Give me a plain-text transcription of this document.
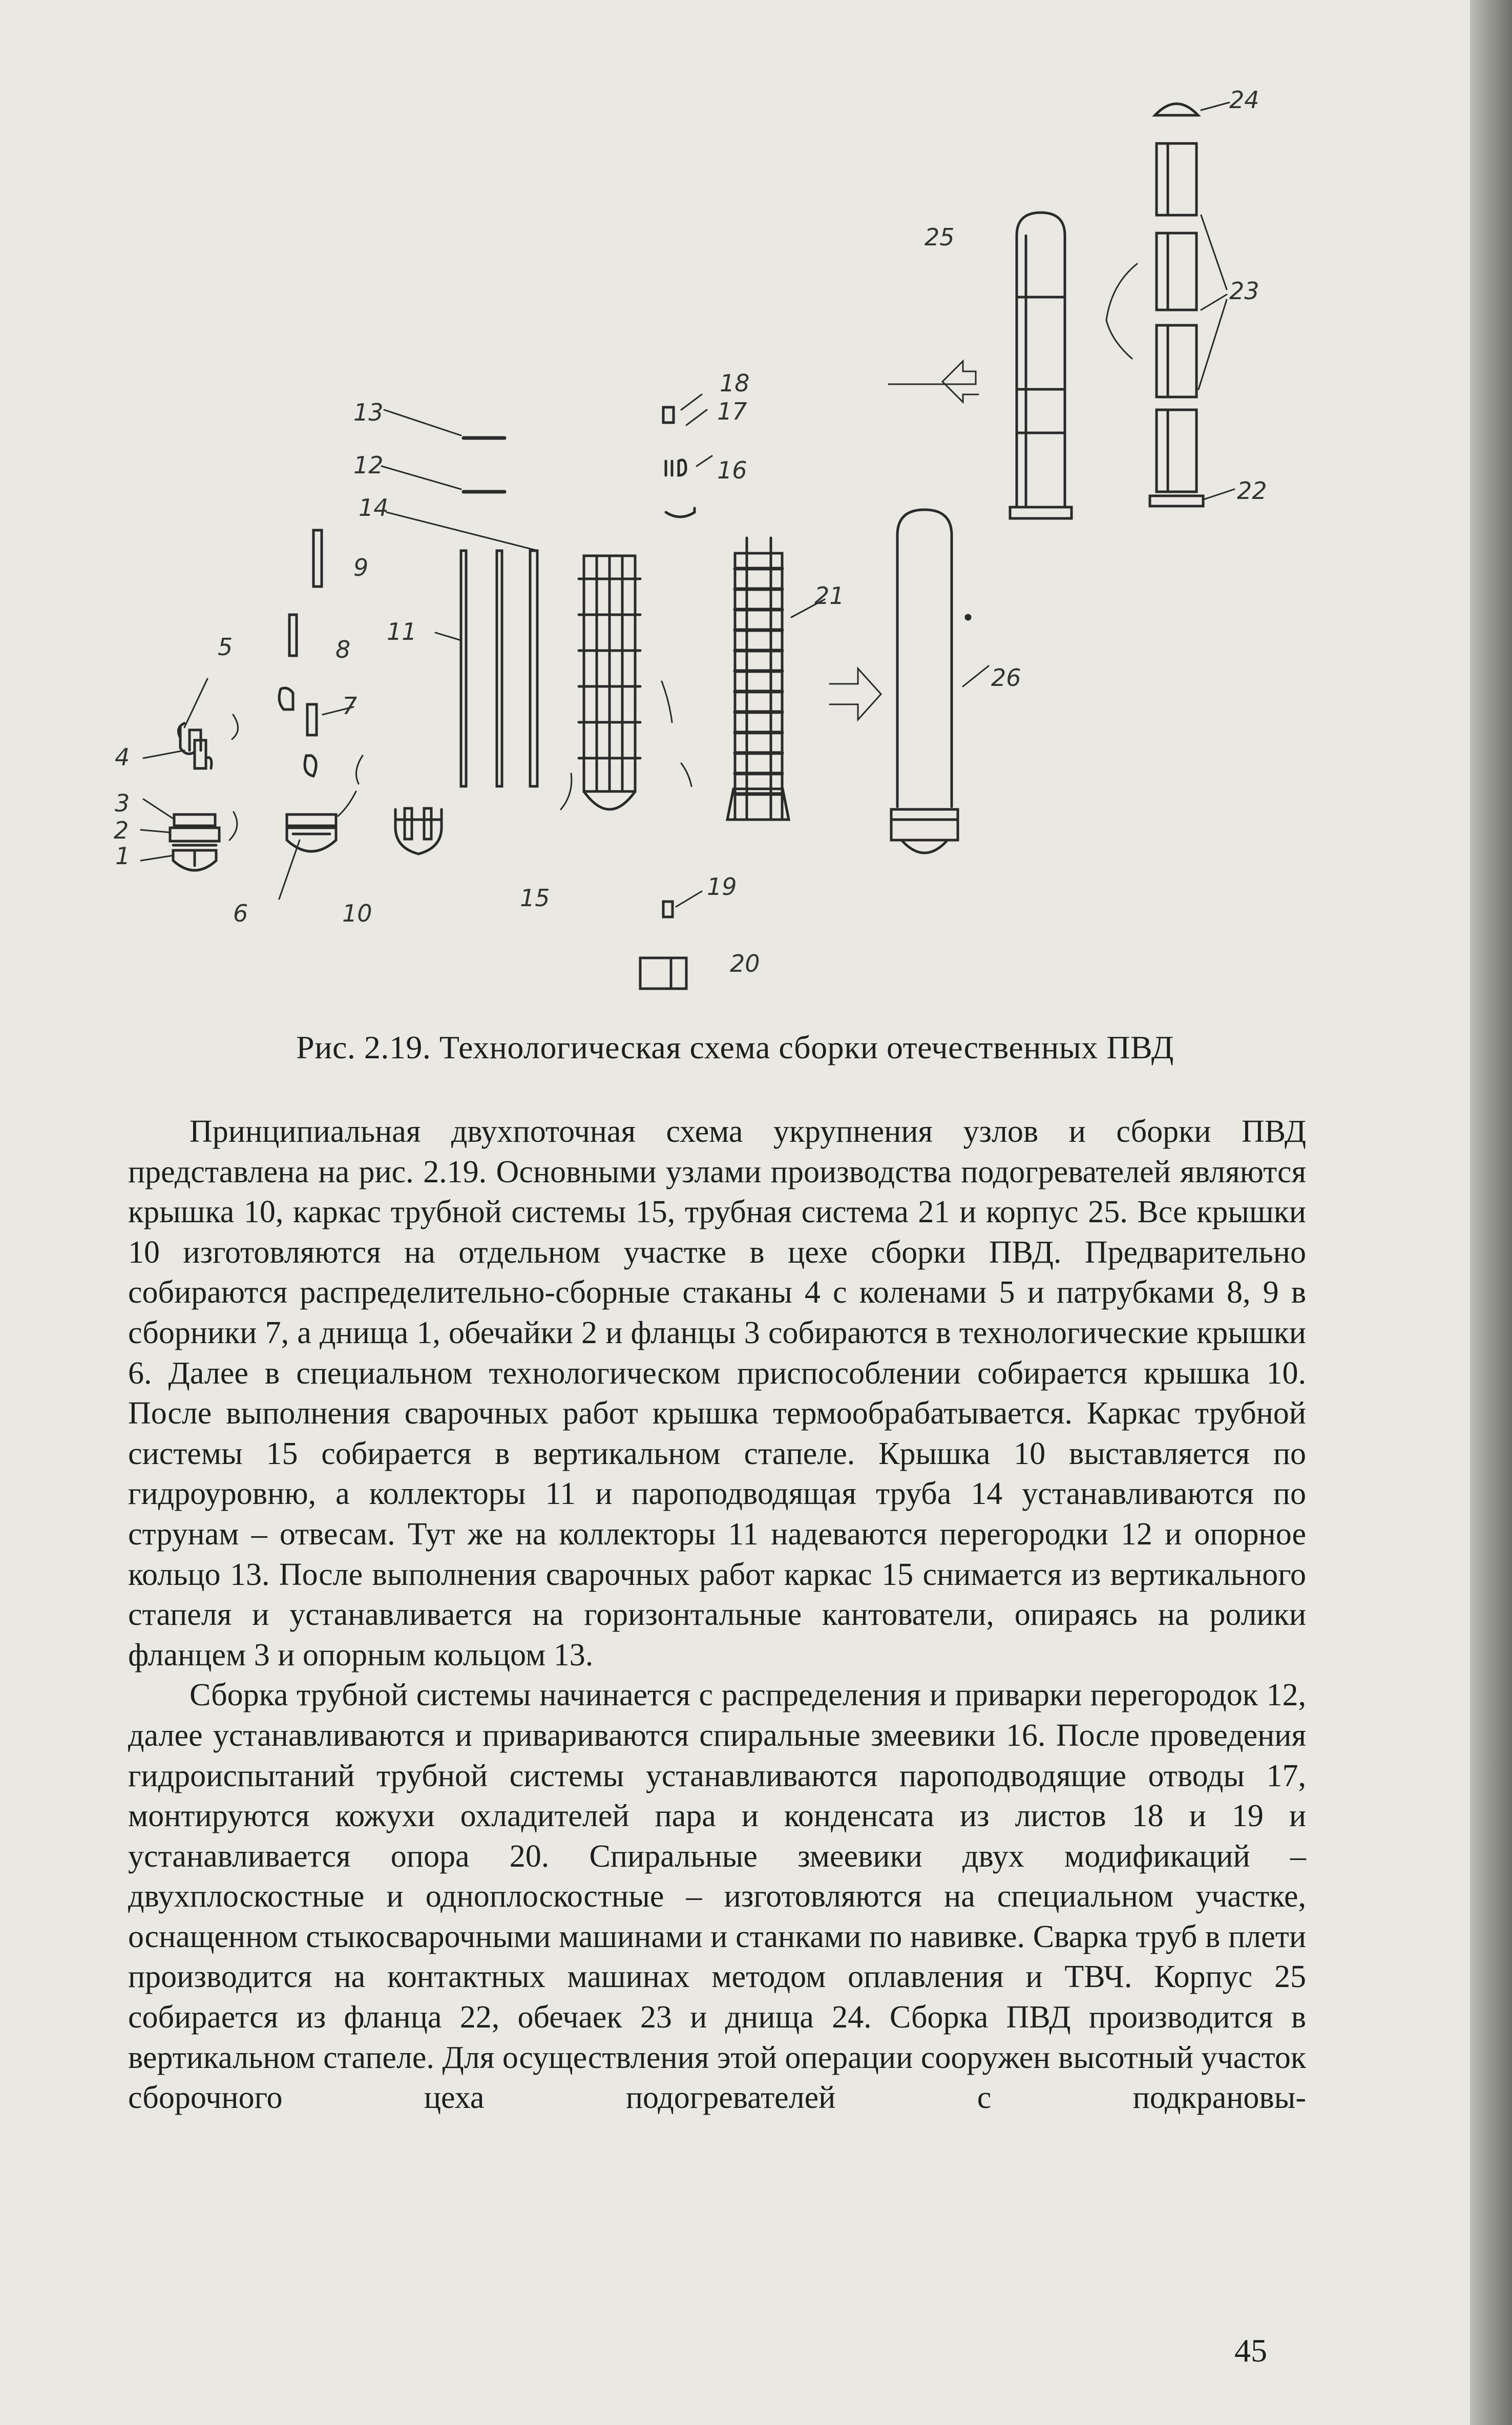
1
2
3
4
5
6
7
8
9
10
11
12
13
14
15
16
17
18
19
20
21
22
23
24
25
26
Рис. 2.19. Технологическая схема сборки отечественных ПВД

Принципиальная двухпоточная схема укрупнения узлов и сборки ПВД представлена на рис. 2.19. Основными узлами производства подогревателей являются крышка 10, каркас трубной системы 15, трубная система 21 и корпус 25. Все крышки 10 изготовляются на отдельном участке в цехе сборки ПВД. Предварительно собираются распределительно-сборные стаканы 4 с коленами 5 и патрубками 8, 9 в сборники 7, а днища 1, обечайки 2 и фланцы 3 собираются в технологические крышки 6. Далее в специальном технологическом приспособлении собирается крышка 10. После выполнения сварочных работ крышка термообрабатывается. Каркас трубной системы 15 собирается в вертикальном стапеле. Крышка 10 выставляется по гидроуровню, а коллекторы 11 и пароподводящая труба 14 устанавливаются по струнам – отвесам. Тут же на коллекторы 11 надеваются перегородки 12 и опорное кольцо 13. После выполнения сварочных работ каркас 15 снимается из вертикального стапеля и устанавливается на горизонтальные кантователи, опираясь на ролики фланцем 3 и опорным кольцом 13.

Сборка трубной системы начинается с распределения и приварки перегородок 12, далее устанавливаются и привариваются спиральные змеевики 16. После проведения гидроиспытаний трубной системы устанавливаются пароподводящие отводы 17, монтируются кожухи охладителей пара и конденсата из листов 18 и 19 и устанавливается опора 20. Спиральные змеевики двух модификаций – двухплоскостные и одноплоскостные – изготовляются на специальном участке, оснащенном стыкосварочными машинами и станками по навивке. Сварка труб в плети производится на контактных машинах методом оплавления и ТВЧ. Корпус 25 собирается из фланца 22, обечаек 23 и днища 24. Сборка ПВД производится в вертикальном стапеле. Для осуществления этой операции сооружен высотный участок сборочного цеха подогревателей с подкрановы-

45
